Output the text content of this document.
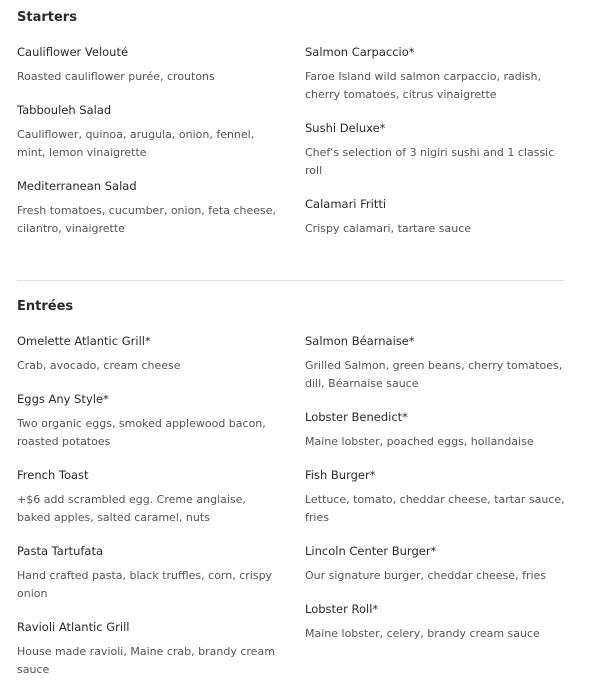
Starters

Cauliflower Velouté

Roasted cauliflower purée, croutons

Tabbouleh Salad

Cauliflower, quinoa, arugula, onion, fennel, mint, lemon vinaigrette

Mediterranean Salad

Fresh tomatoes, cucumber, onion, feta cheese, cilantro, vinaigrette

Salmon Carpaccio*

Faroe Island wild salmon carpaccio, radish, cherry tomatoes, citrus vinaigrette

Sushi Deluxe*

Chef's selection of 3 nigiri sushi and 1 classic roll

Calamari Fritti

Crispy calamari, tartare sauce

Entrées

Omelette Atlantic Grill*

Crab, avocado, cream cheese

Eggs Any Style*

Two organic eggs, smoked applewood bacon, roasted potatoes

French Toast

+$6 add scrambled egg. Creme anglaise, baked apples, salted caramel, nuts

Pasta Tartufata

Hand crafted pasta, black truffles, corn, crispy onion

Ravioli Atlantic Grill

House made ravioli, Maine crab, brandy cream sauce

Salmon Béarnaise*

Grilled Salmon, green beans, cherry tomatoes, dill, Béarnaise sauce

Lobster Benedict*

Maine lobster, poached eggs, hollandaise

Fish Burger*

Lettuce, tomato, cheddar cheese, tartar sauce, fries

Lincoln Center Burger*

Our signature burger, cheddar cheese, fries

Lobster Roll*

Maine lobster, celery, brandy cream sauce
